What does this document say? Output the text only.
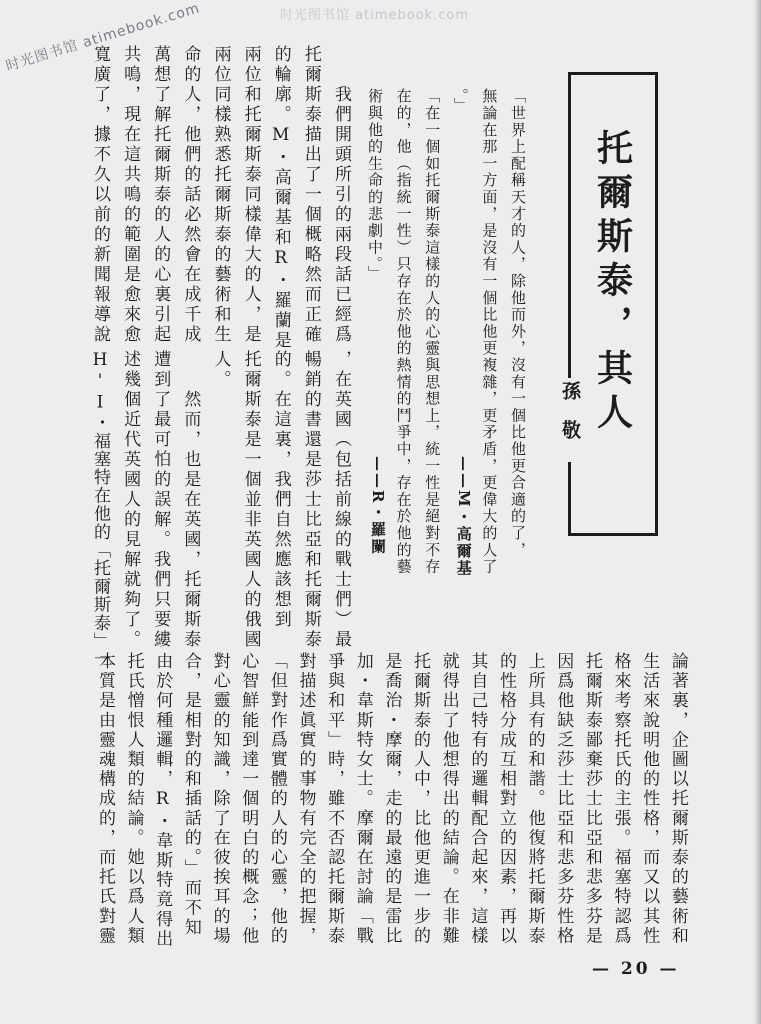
时光图书馆 atimebook.com
时光图书馆 atimebook.com
托爾斯泰，其人
孫敬
「世界上配稱天才的人，除他而外，沒有一個比他更合適的了，
無論在那一方面，是沒有一個比他更複雜，更矛盾，更偉大的人了
。」
——M・高爾基
「在一個如托爾斯泰這樣的人的心靈與思想上，統一性是絕對不存
在的，他（指統一性）只存在於他的熱情的鬥爭中，存在於他的藝
術與他的生命的悲劇中。」
——R・羅闌
我們開頭所引的兩段話已經爲
托爾斯泰描出了一個概略然而正確
的輪廓。M・高爾基和R・羅蘭是
兩位和托爾斯泰同樣偉大的人，是
兩位同樣熟悉托爾斯泰的藝術和生
命的人，他們的話必然會在成千成
萬想了解托爾斯泰的人的心裏引起
共鳴，現在這共鳴的範圍是愈來愈
寬廣了，據不久以前的新聞報導說
，在英國（包括前線的戰士們）最
暢銷的書還是莎士比亞和托爾斯泰
的。在這裏，我們自然應該想到
托爾斯泰是一個並非英國人的俄國
人。
然而，也是在英國，托爾斯泰
遭到了最可怕的誤解。我們只要縷
述幾個近代英國人的見解就夠了。
H'I・福塞特在他的「托爾斯泰」一
論著裏，企圖以托爾斯泰的藝術和
生活來說明他的性格，而又以其性
格來考察托氏的主張。福塞特認爲
托爾斯泰鄙棄莎士比亞和悲多芬是
因爲他缺乏莎士比亞和悲多芬性格
上所具有的和諧。他復將托爾斯泰
的性格分成互相對立的因素，再以
其自己特有的邏輯配合起來，這樣
就得出了他想得出的結論。在非難
托爾斯泰的人中，比他更進一步的
是喬治・摩爾，走的最遠的是雷比
加・韋斯特女士。摩爾在討論「戰
爭與和平」時，雖不否認托爾斯泰
對描述眞實的事物有完全的把握，
「但對作爲實體的人的心靈，他的
心智鮮能到達一個明白的概念；他
對心靈的知識，除了在彼挨耳的場
合，是相對的和插話的。」而不知
由於何種邏輯，R・韋斯特竟得出
托氏憎恨人類的結論。她以爲人類
本質是由靈魂構成的，而托氏對靈
— 20 —
